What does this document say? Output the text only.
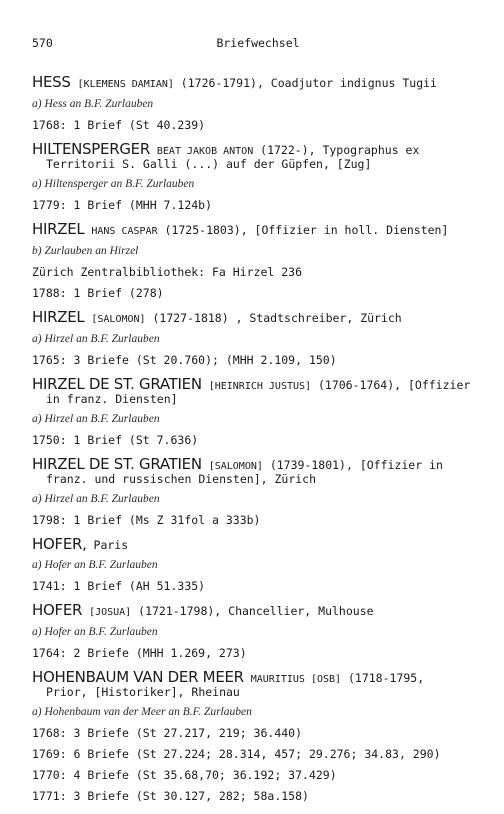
570	Briefwechsel
HESS [KLEMENS DAMIAN] (1726-1791), Coadjutor indignus Tugii
a) Hess an B.F. Zurlauben
1768: 1 Brief (St 40.239)
HILTENSPERGER BEAT JAKOB ANTON (1722-), Typographus ex Territorii S. Galli (...) auf der Güpfen, [Zug]
a) Hiltensperger an B.F. Zurlauben
1779: 1 Brief (MHH 7.124b)
HIRZEL HANS CASPAR (1725-1803), [Offizier in holl. Diensten]
b) Zurlauben an Hirzel
Zürich Zentralbibliothek: Fa Hirzel 236
1788: 1 Brief (278)
HIRZEL [SALOMON] (1727-1818) , Stadtschreiber, Zürich
a) Hirzel an B.F. Zurlauben
1765: 3 Briefe (St 20.760); (MHH 2.109, 150)
HIRZEL DE ST. GRATIEN [HEINRICH JUSTUS] (1706-1764), [Offizier in franz. Diensten]
a) Hirzel an B.F. Zurlauben
1750: 1 Brief (St 7.636)
HIRZEL DE ST. GRATIEN [SALOMON] (1739-1801), [Offizier in franz. und russischen Diensten], Zürich
a) Hirzel an B.F. Zurlauben
1798: 1 Brief (Ms Z 31fol a 333b)
HOFER, Paris
a) Hofer an B.F. Zurlauben
1741: 1 Brief (AH 51.335)
HOFER [JOSUA] (1721-1798), Chancellier, Mulhouse
a) Hofer an B.F. Zurlauben
1764: 2 Briefe (MHH 1.269, 273)
HOHENBAUM VAN DER MEER MAURITIUS [OSB] (1718-1795, Prior, [Historiker], Rheinau
a) Hohenbaum van der Meer an B.F. Zurlauben
1768: 3 Briefe (St 27.217, 219; 36.440)
1769: 6 Briefe (St 27.224; 28.314, 457; 29.276; 34.83, 290)
1770: 4 Briefe (St 35.68,70; 36.192; 37.429)
1771: 3 Briefe (St 30.127, 282; 58a.158)
